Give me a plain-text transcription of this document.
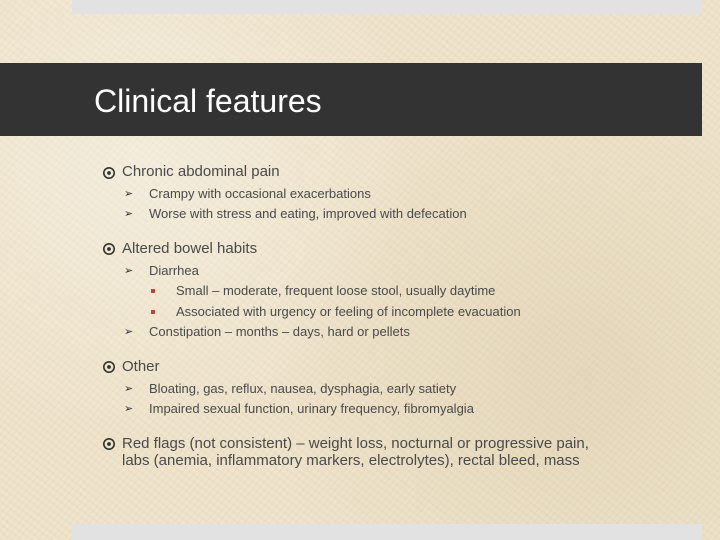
Clinical features
Chronic abdominal pain
➢ Crampy with occasional exacerbations
➢ Worse with stress and eating, improved with defecation
Altered bowel habits
➢ Diarrhea
Small – moderate, frequent loose stool, usually daytime
Associated with urgency or feeling of incomplete evacuation
➢ Constipation – months – days, hard or pellets
Other
➢ Bloating, gas, reflux, nausea, dysphagia, early satiety
➢ Impaired sexual function, urinary frequency, fibromyalgia
Red flags (not consistent) – weight loss, nocturnal or progressive pain,
labs (anemia, inflammatory markers, electrolytes), rectal bleed, mass
